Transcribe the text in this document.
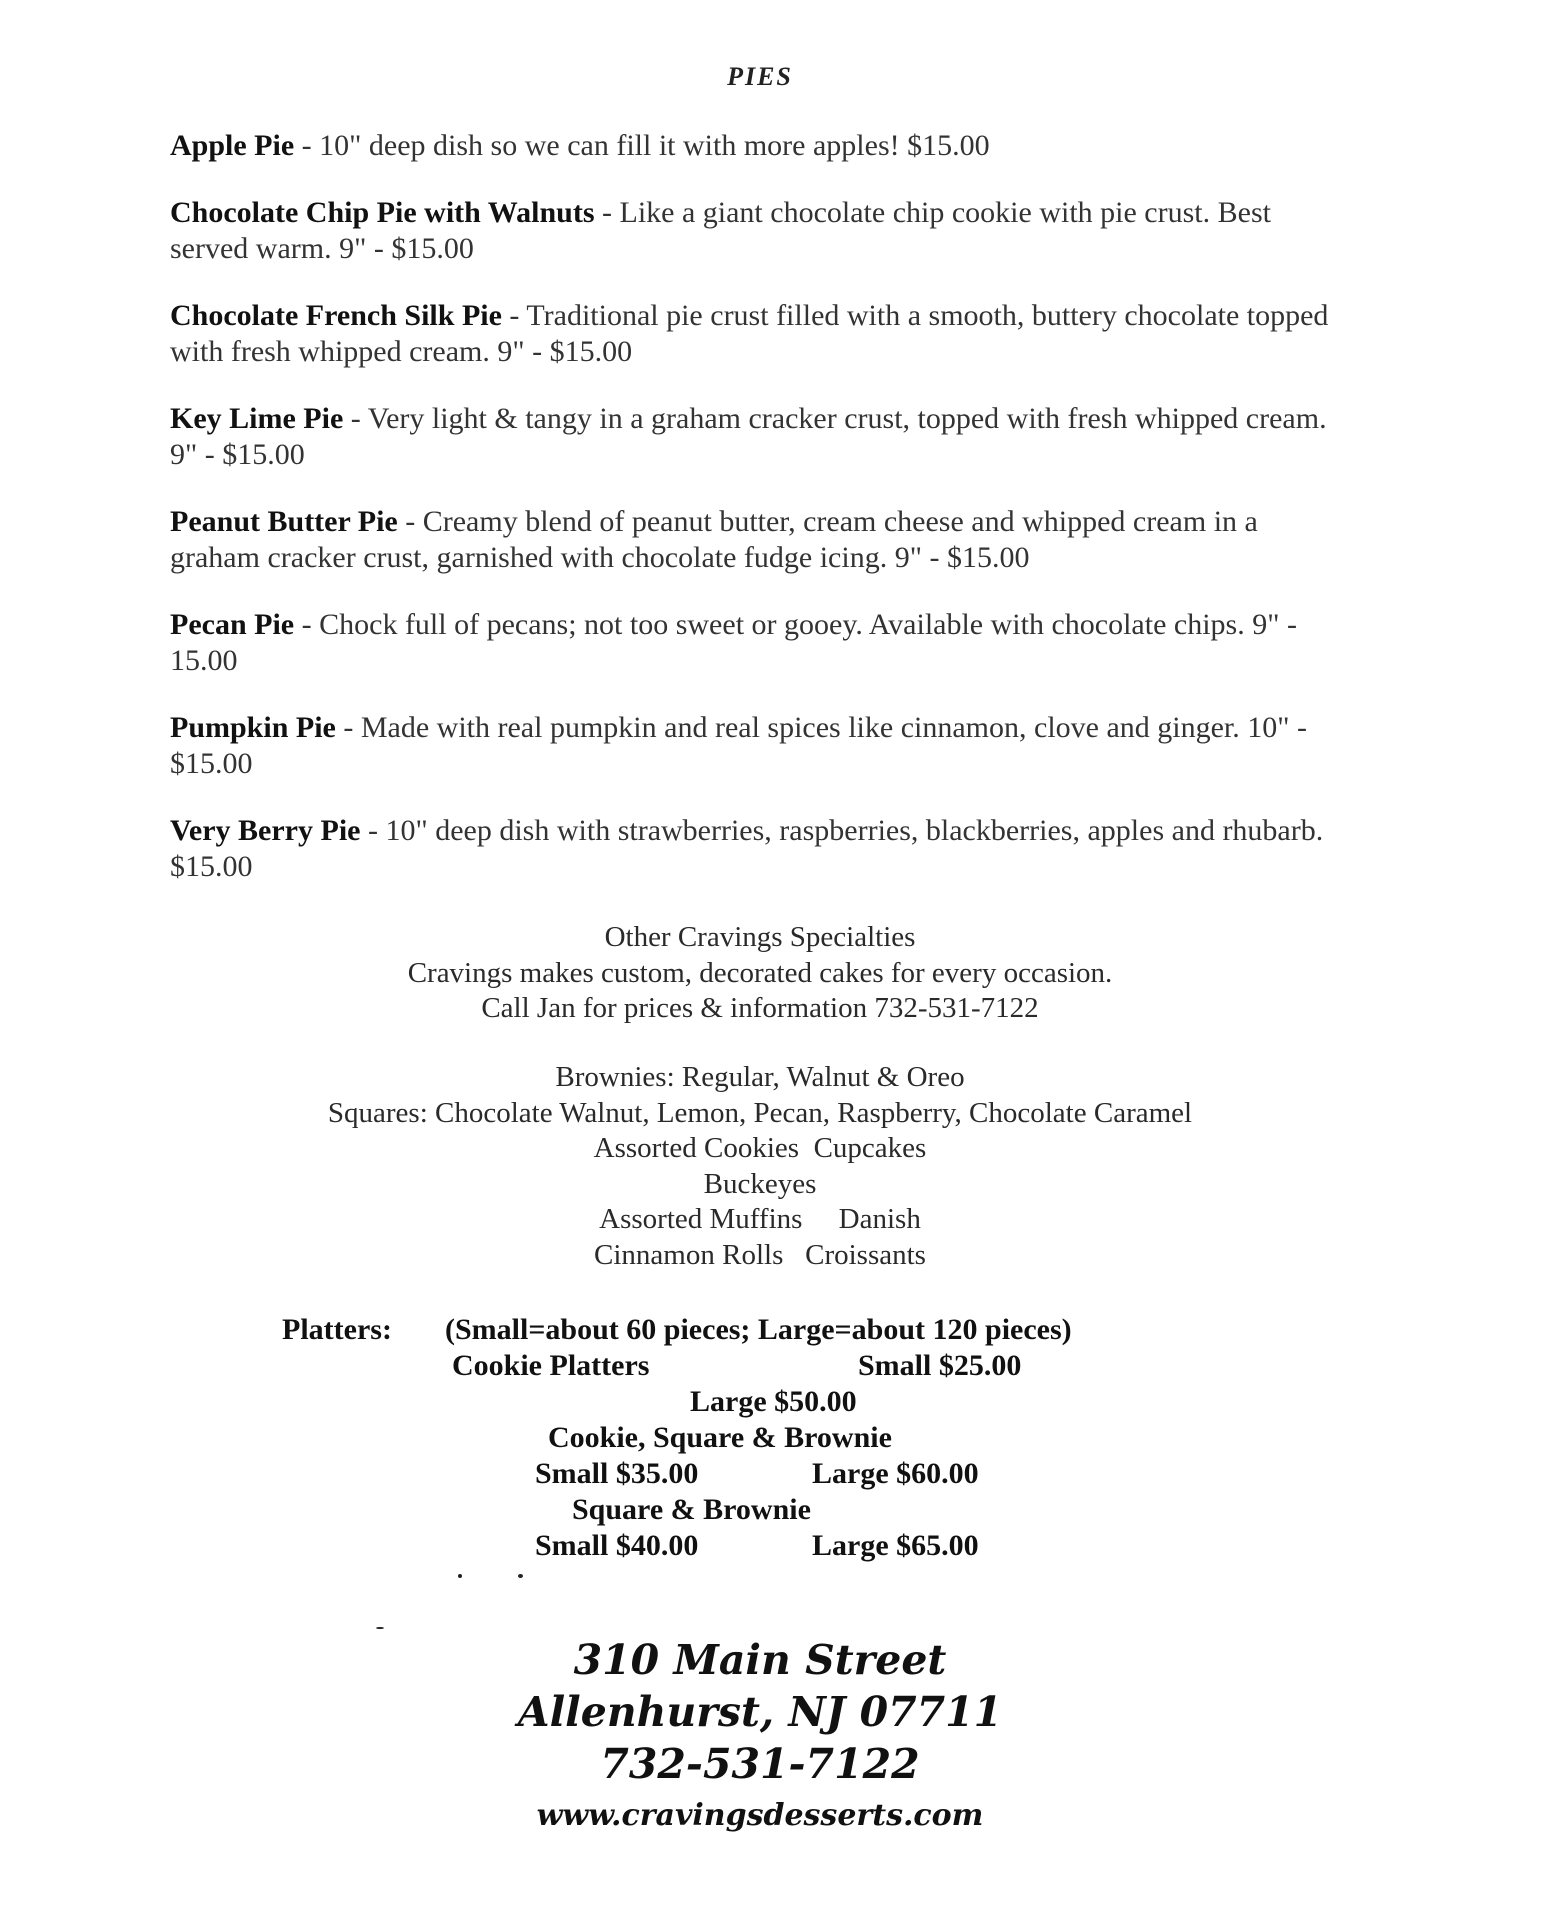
PIES
Apple Pie - 10" deep dish so we can fill it with more apples! $15.00
Chocolate Chip Pie with Walnuts - Like a giant chocolate chip cookie with pie crust. Best served warm. 9" - $15.00
Chocolate French Silk Pie - Traditional pie crust filled with a smooth, buttery chocolate topped with fresh whipped cream. 9" - $15.00
Key Lime Pie - Very light & tangy in a graham cracker crust, topped with fresh whipped cream. 9" - $15.00
Peanut Butter Pie - Creamy blend of peanut butter, cream cheese and whipped cream in a graham cracker crust, garnished with chocolate fudge icing. 9" - $15.00
Pecan Pie - Chock full of pecans; not too sweet or gooey. Available with chocolate chips. 9" - 15.00
Pumpkin Pie - Made with real pumpkin and real spices like cinnamon, clove and ginger. 10" - $15.00
Very Berry Pie - 10" deep dish with strawberries, raspberries, blackberries, apples and rhubarb. $15.00
Other Cravings Specialties
Cravings makes custom, decorated cakes for every occasion.
Call Jan for prices & information 732-531-7122
Brownies: Regular, Walnut & Oreo
Squares: Chocolate Walnut, Lemon, Pecan, Raspberry, Chocolate Caramel
Assorted Cookies  Cupcakes
Buckeyes
Assorted Muffins     Danish
Cinnamon Rolls   Croissants
Platters: (Small=about 60 pieces; Large=about 120 pieces)
Cookie Platters	Small $25.00
Large $50.00
Cookie, Square & Brownie
Small $35.00	Large $60.00
Square & Brownie
Small $40.00	Large $65.00
310 Main Street
Allenhurst, NJ 07711
732-531-7122
www.cravingsdesserts.com
